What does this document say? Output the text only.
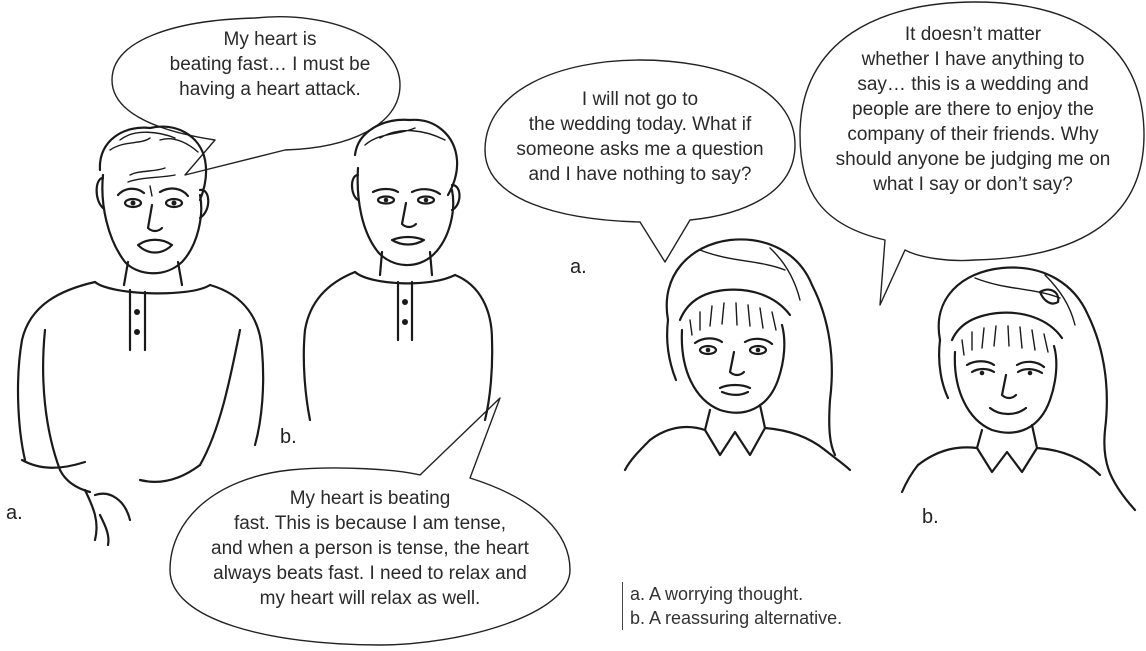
My heart is
beating fast… I must be
having a heart attack.	I will not go to
the wedding today. What if
someone asks me a question
and I have nothing to say?
It doesn’t matter
whether I have anything to
say… this is a wedding and
people are there to enjoy the
company of their friends. Why
should anyone be judging me on
what I say or don’t say?
My heart is beating
fast. This is because I am tense,
and when a person is tense, the heart
always beats fast. I need to relax and
my heart will relax as well.
a.
b.
a.
b.
a. A worrying thought.
b. A reassuring alternative.
